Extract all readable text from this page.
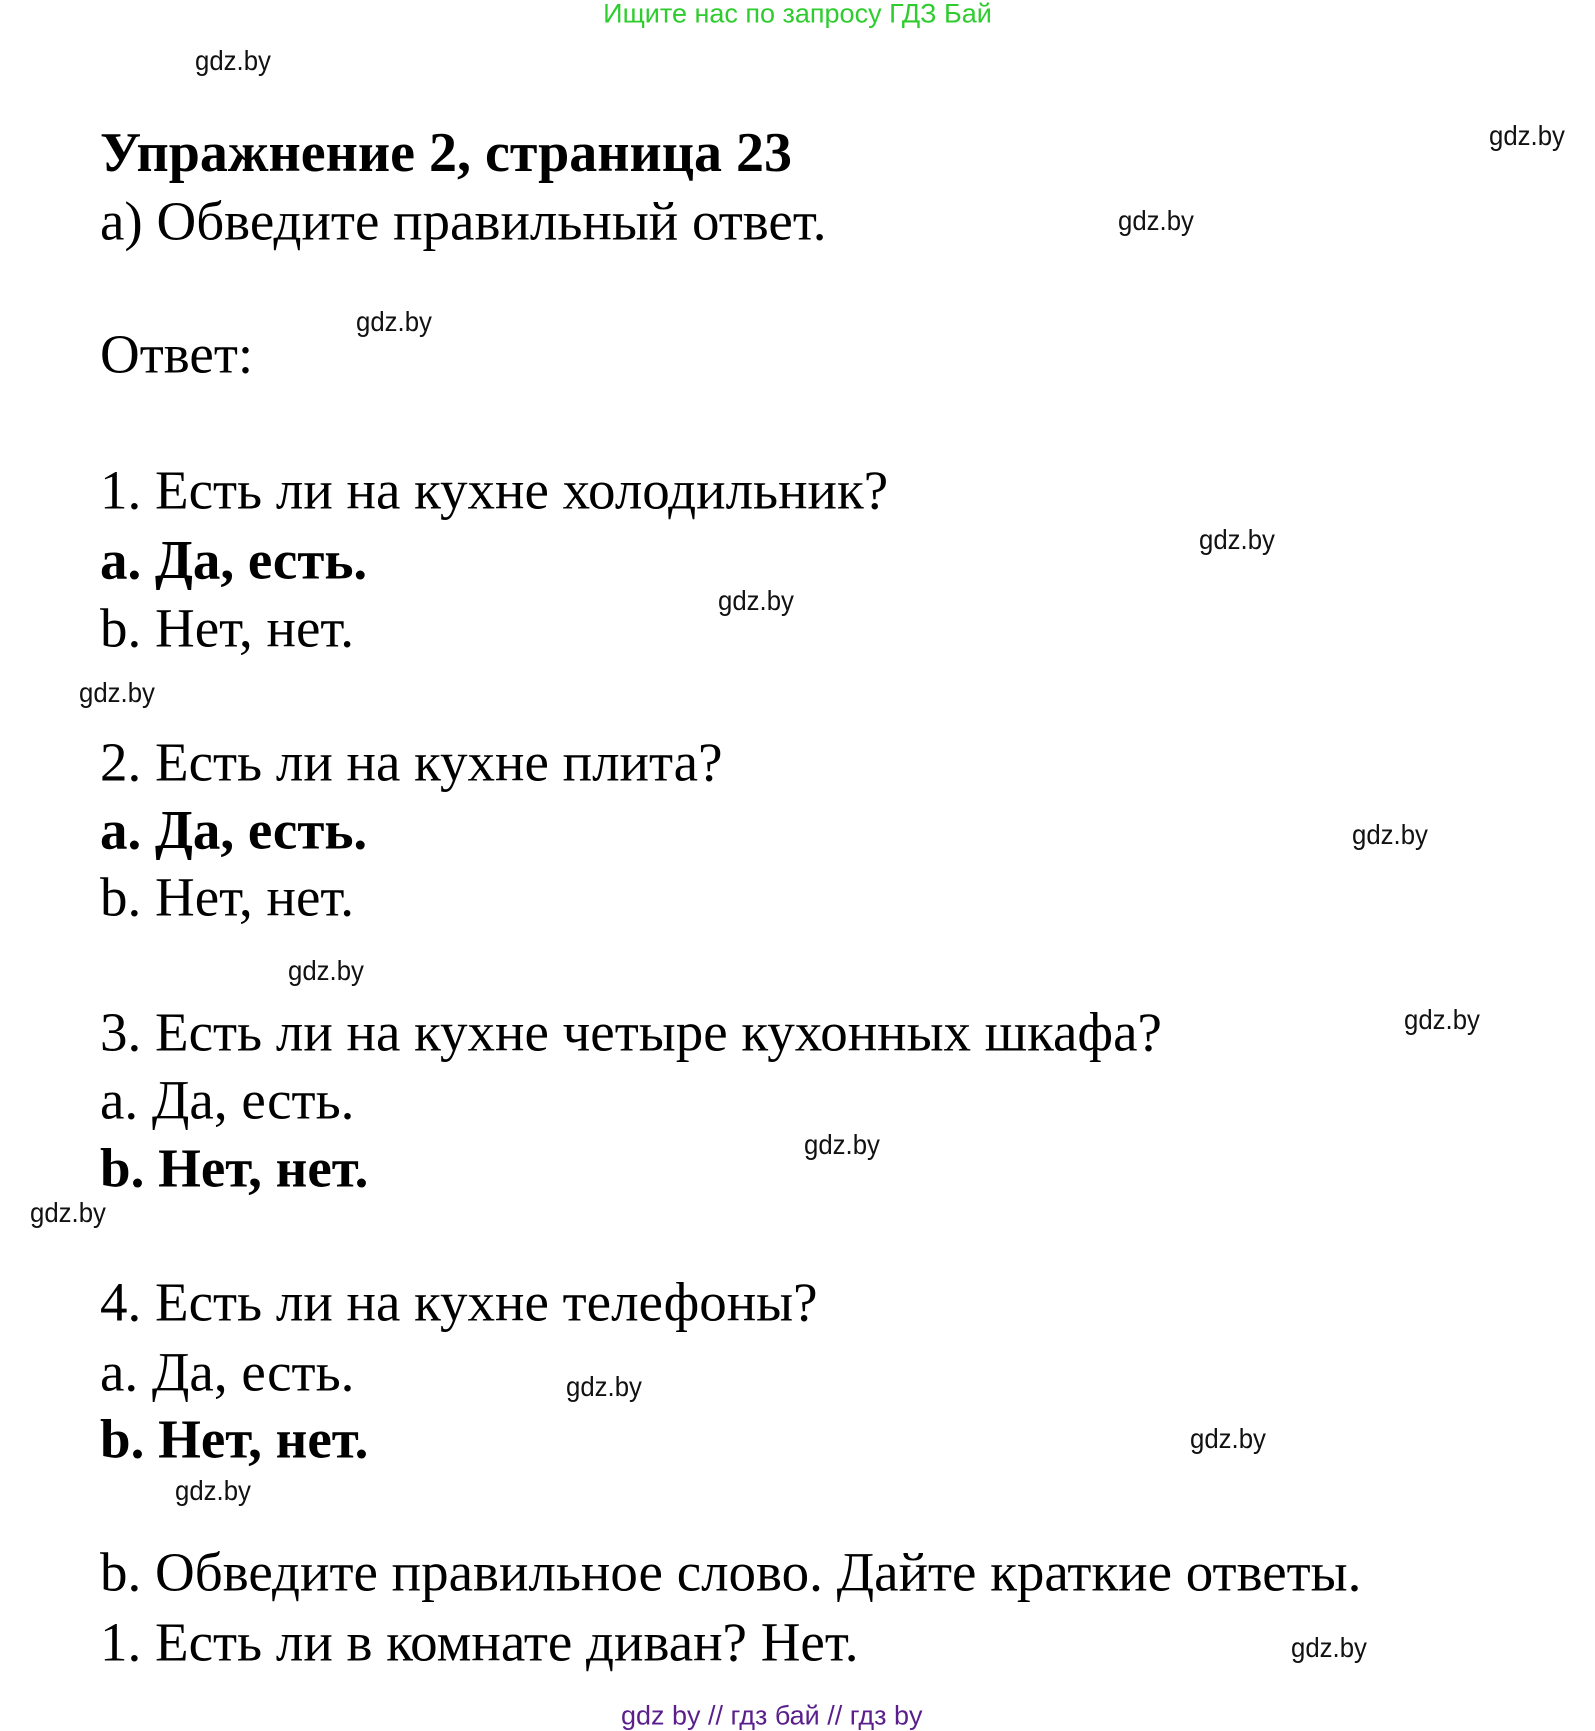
Ищите нас по запросу ГДЗ Бай
Упражнение 2, страница 23
а) Обведите правильный ответ.
Ответ:
1. Есть ли на кухне холодильник?
a. Да, есть.
b. Нет, нет.
2. Есть ли на кухне плита?
a. Да, есть.
b. Нет, нет.
3. Есть ли на кухне четыре кухонных шкафа?
a. Да, есть.
b. Нет, нет.
4. Есть ли на кухне телефоны?
a. Да, есть.
b. Нет, нет.
b. Обведите правильное слово. Дайте краткие ответы.
1. Есть ли в комнате диван? Нет.
gdz.by
gdz.by
gdz.by
gdz.by
gdz.by
gdz.by
gdz.by
gdz.by
gdz.by
gdz.by
gdz.by
gdz.by
gdz.by
gdz.by
gdz.by
gdz.by
gdz by // гдз бай // гдз by
